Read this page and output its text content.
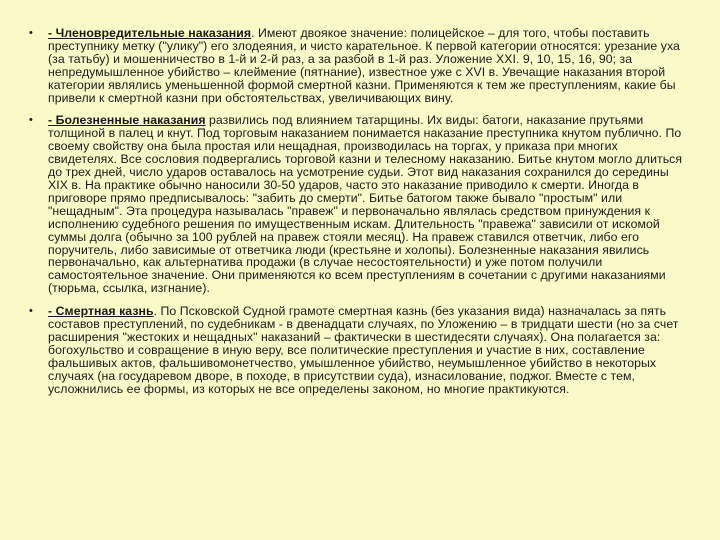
• - Членовредительные наказания. Имеют двоякое значение: полицейское – для того, чтобы поставить преступнику метку ("улику") его злодеяния, и чисто карательное. К первой категории относятся: урезание уха (за татьбу) и мошенничество в 1-й и 2-й раз, а за разбой в 1-й раз. Уложение XXI. 9, 10, 15, 16, 90; за непредумышленное убийство – клеймение (пятнание), известное уже с XVI в. Увечащие наказания второй категории являлись уменьшенной формой смертной казни. Применяются к тем же преступлениям, какие бы привели к смертной казни при обстоятельствах, увеличивающих вину.
• - Болезненные наказания развились под влиянием татарщины. Их виды: батоги, наказание прутьями толщиной в палец и кнут. Под торговым наказанием понимается наказание преступника кнутом публично. По своему свойству она была простая или нещадная, производилась на торгах, у приказа при многих свидетелях. Все сословия подвергались торговой казни и телесному наказанию. Битье кнутом могло длиться до трех дней, число ударов оставалось на усмотрение судьи. Этот вид наказания сохранился до середины XIX в. На практике обычно наносили 30-50 ударов, часто это наказание приводило к смерти. Иногда в приговоре прямо предписывалось: "забить до смерти". Битье батогом также бывало "простым" или "нещадным". Эта процедура называлась "правеж" и первоначально являлась средством принуждения к исполнению судебного решения по имущественным искам. Длительность "правежа" зависили от искомой суммы долга (обычно за 100 рублей на правеж стояли месяц). На правеж ставился ответчик, либо его поручитель, либо зависимые от ответчика люди (крестьяне и холопы). Болезненные наказания явились первоначально, как альтернатива продажи (в случае несостоятельности) и уже потом получили самостоятельное значение. Они применяются ко всем преступлениям в сочетании с другими наказаниями (тюрьма, ссылка, изгнание).
• - Смертная казнь. По Псковской Судной грамоте смертная казнь (без указания вида) назначалась за пять составов преступлений, по судебникам - в двенадцати случаях, по Уложению – в тридцати шести (но за счет расширения "жестоких и нещадных" наказаний – фактически в шестидесяти случаях). Она полагается за: богохульство и совращение в иную веру, все политические преступления и участие в них, составление фальшивых актов, фальшивомонетчество, умышленное убийство, неумышленное убийство в некоторых случаях (на государевом дворе, в походе, в присутствии суда), изнасилование, поджог. Вместе с тем, усложнились ее формы, из которых не все определены законом, но многие практикуются.
